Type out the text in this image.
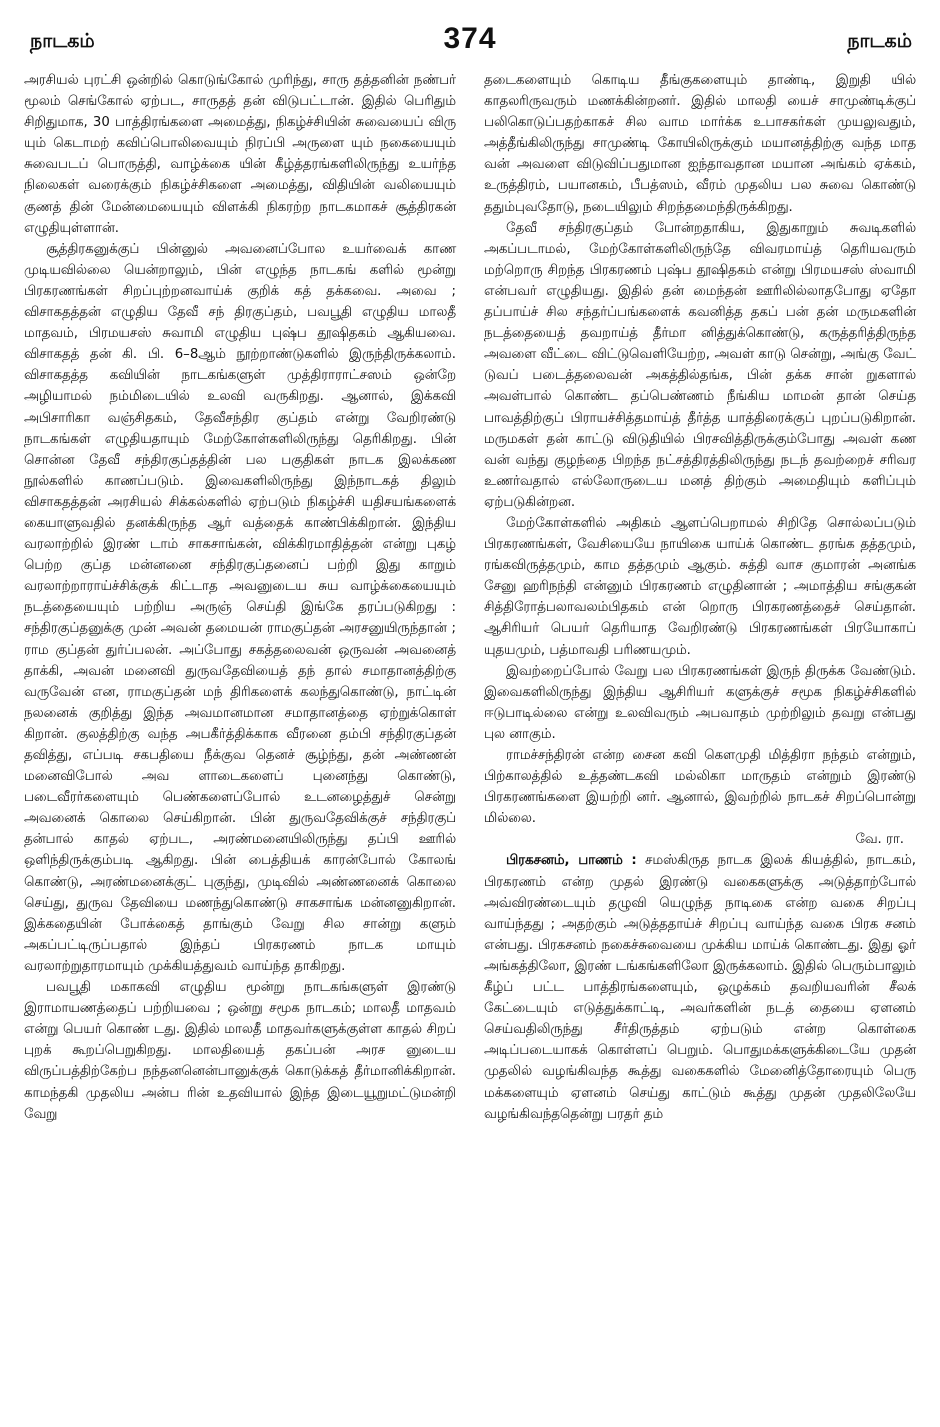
நாடகம்	374	நாடகம்

அரசியல் புரட்சி ஒன்றில் கொடுங்கோல் முரிந்து, சாரு தத்தனின் நண்பர் மூலம் செங்கோல் ஏற்பட, சாருதத் தன் விடுபட்டான். இதில் பெரிதும் சிறிதுமாக, 30 பாத்திரங்களை அமைத்து, நிகழ்ச்சியின் சுவையைப் விரு யும் கெடாமற் கவிப்பொலிவையும் நிரப்பி அருளை யும் நகையையும் சுவைபடப் பொருத்தி, வாழ்க்கை யின் கீழ்த்தரங்களிலிருந்து உயர்ந்த நிலைகள் வரைக்கும் நிகழ்ச்சிகளை அமைத்து, விதியின் வலியையும் குணத் தின் மேன்மையையும் விளக்கி நிகரற்ற நாடகமாகச் சூத்திரகன் எழுதியுள்ளான்.

சூத்திரகனுக்குப் பின்னுல் அவனைப்போல உயர்வைக் காண முடியவில்லை யென்றாலும், பின் எழுந்த நாடகங் களில் மூன்று பிரகரணங்கள் சிறப்புற்றனவாய்க் குறிக் கத் தக்கவை. அவை ; விசாகதத்தன் எழுதிய தேவீ சந் திரகுப்தம், பவபூதி எழுதிய மாலதீ மாதவம், பிரமயசஸ் சுவாமி எழுதிய புஷ்ப தூஷிதகம் ஆகியவை. விசாகதத் தன் கி. பி. 6–8ஆம் நூற்றாண்டுகளில் இருந்திருக்கலாம். விசாகதத்த கவியின் நாடகங்களுள் முத்திராராட்சஸம் ஒன்றே அழியாமல் நம்மிடையில் உலவி வருகிறது. ஆனால், இக்கவி அபிசாரிகா வஞ்சிதகம், தேவீசந்திர குப்தம் என்று வேறிரண்டு நாடகங்கள் எழுதியதாயும் மேற்கோள்களிலிருந்து தெரிகிறது. பின் சொன்ன தேவீ சந்திரகுப்தத்தின் பல பகுதிகள் நாடக இலக்கண நூல்களில் காணப்படும். இவைகளிலிருந்து இந்நாடகத் திலும் விசாகதத்தன் அரசியல் சிக்கல்களில் ஏற்படும் நிகழ்ச்சி யதிசயங்களைக் கையாளுவதில் தனக்கிருந்த ஆர் வத்தைக் காண்பிக்கிறான். இந்திய வரலாற்றில் இரண் டாம் சாகசாங்கன், விக்கிரமாதித்தன் என்று புகழ் பெற்ற குப்த மன்னனை சந்திரகுப்தனைப் பற்றி இது காறும் வரலாற்றாராய்ச்சிக்குக் கிட்டாத அவனுடைய சுய வாழ்க்கையையும் நடத்தையையும் பற்றிய அருஞ் செய்தி இங்கே தரப்படுகிறது : சந்திரகுப்தனுக்கு முன் அவன் தமையன் ராமகுப்தன் அரசனுயிருந்தான் ; ராம குப்தன் துர்ப்பலன். அப்போது சகத்தலைவன் ஒருவன் அவனைத் தாக்கி, அவன் மனைவி துருவதேவியைத் தந் தால் சமாதானத்திற்கு வருவேன் என, ராமகுப்தன் மந் திரிகளைக் கலந்துகொண்டு, நாட்டின் நலனைக் குறித்து இந்த அவமானமான சமாதானத்தை ஏற்றுக்கொள் கிறான். குலத்திற்கு வந்த அபகீர்த்திக்காக வீரனை தம்பி சந்திரகுப்தன் தவித்து, எப்படி சகபதியை நீக்குவ தெனச் சூழ்ந்து, தன் அண்ணன் மனைவிபோல் அவ ளாடைகளைப் புனைந்து கொண்டு, படைவீரர்களையும் பெண்களைப்போல் உடனழைத்துச் சென்று அவனைக் கொலை செய்கிறான். பின் துருவதேவிக்குச் சந்திரகுப் தன்பால் காதல் ஏற்பட, அரண்மனையிலிருந்து தப்பி ஊரில் ஒளிந்திருக்கும்படி ஆகிறது. பின் பைத்தியக் காரன்போல் கோலங் கொண்டு, அரண்மனைக்குட் புகுந்து, முடிவில் அண்ணனைக் கொலை செய்து, துருவ தேவியை மணந்துகொண்டு சாகசாங்க மன்னனுகிறான். இக்கதையின் போக்கைத் தாங்கும் வேறு சில சான்று களும் அகப்பட்டிருப்பதால் இந்தப் பிரகரணம் நாடக மாயும் வரலாற்றுதாரமாயும் முக்கியத்துவம் வாய்ந்த தாகிறது.

பவபூதி மகாகவி எழுதிய மூன்று நாடகங்களுள் இரண்டு இராமாயணத்தைப் பற்றியவை ; ஒன்று சமூக நாடகம்; மாலதீ மாதவம் என்று பெயர் கொண் டது. இதில் மாலதீ மாதவர்களுக்குள்ள காதல் சிறப் புறக் கூறப்பெறுகிறது. மாலதியைத் தகப்பன் அரச னுடைய விருப்பத்திற்கேற்ப நந்தனனென்பானுக்குக் கொடுக்கத் தீர்மானிக்கிறான். காமந்தகி முதலிய அன்ப ரின் உதவியால் இந்த இடையூறுமட்டுமன்றி வேறு

தடைகளையும் கொடிய தீங்குகளையும் தாண்டி, இறுதி யில் காதலரிருவரும் மணக்கின்றனர். இதில் மாலதி யைச் சாமுண்டிக்குப் பலிகொடுப்பதற்காகச் சில வாம மார்க்க உபாசகர்கள் முயலுவதும், அத்தீங்கிலிருந்து சாமுண்டி கோயிலிருக்கும் மயானத்திற்கு வந்த மாத வன் அவளை விடுவிப்பதுமான ஐந்தாவதான மயான அங்கம் ஏக்கம், உருத்திரம், பயானகம், பீபத்ஸம், வீரம் முதலிய பல சுவை கொண்டு ததும்புவதோடு, நடையிலும் சிறந்தமைந்திருக்கிறது.

தேவீ சந்திரகுப்தம் போன்றதாகிய, இதுகாறும் சுவடிகளில் அகப்படாமல், மேற்கோள்களிலிருந்தே விவரமாய்த் தெரியவரும் மற்றொரு சிறந்த பிரகரணம் புஷ்ப தூஷிதகம் என்று பிரமயசஸ் ஸ்வாமி என்பவர் எழுதியது. இதில் தன் மைந்தன் ஊரிலில்லாதபோது ஏதோ தப்பாய்ச் சில சந்தர்ப்பங்களைக் கவனித்த தகப் பன் தன் மருமகளின் நடத்தையைத் தவறாய்த் தீர்மா னித்துக்கொண்டு, கருத்தரித்திருந்த அவளை வீட்டை விட்டுவெளியேற்ற, அவள் காடு சென்று, அங்கு வேட் டுவப் படைத்தலைவன் அகத்தில்தங்க, பின் தக்க சான் றுகளால் அவள்பால் கொண்ட தப்பெண்ணம் நீங்கிய மாமன் தான் செய்த பாவத்திற்குப் பிராயச்சித்தமாய்த் தீர்த்த யாத்திரைக்குப் புறப்படுகிறான். மருமகள் தன் காட்டு விடுதியில் பிரசவித்திருக்கும்போது அவள் கண வன் வந்து குழந்தை பிறந்த நட்சத்திரத்திலிருந்து நடந் தவற்றைச் சரிவர உணர்வதால் எல்லோருடைய மனத் திற்கும் அமைதியும் களிப்பும் ஏற்படுகின்றன.

மேற்கோள்களில் அதிகம் ஆளப்பெறாமல் சிறிதே சொல்லப்படும் பிரகரணங்கள், வேசியையே நாயிகை யாய்க் கொண்ட தரங்க தத்தமும், ரங்கவிருத்தமும், காம தத்தமும் ஆகும். சுத்தி வாச குமாரன் அனங்க சேனு ஹரிநந்தி என்னும் பிரகரணம் எழுதினான் ; அமாத்திய சங்குகன் சித்திரோத்பலாவலம்பிதகம் என் றொரு பிரகரணத்தைச் செய்தான். ஆசிரியர் பெயர் தெரியாத வேறிரண்டு பிரகரணங்கள் பிரயோகாப் யுதயமும், பத்மாவதி பரிணயமும்.

இவற்றைப்போல் வேறு பல பிரகரணங்கள் இருந் திருக்க வேண்டும். இவைகளிலிருந்து இந்திய ஆசிரியர் களுக்குச் சமூக நிகழ்ச்சிகளில் ஈடுபாடில்லை என்று உலவிவரும் அபவாதம் முற்றிலும் தவறு என்பது புல னாகும்.

ராமச்சந்திரன் என்ற சைன கவி கௌமுதி மித்திரா நந்தம் என்றும், பிற்காலத்தில் உத்தண்டகவி மல்லிகா மாருதம் என்றும் இரண்டு பிரகரணங்களை இயற்றி னர். ஆனால், இவற்றில் நாடகச் சிறப்பொன்று மில்லை.

வே. ரா.

பிரகசனம், பாணம் : சமஸ்கிருத நாடக இலக் கியத்தில், நாடகம், பிரகரணம் என்ற முதல் இரண்டு வகைகளுக்கு அடுத்தாற்போல் அவ்விரண்டையும் தழுவி யெழுந்த நாடிகை என்ற வகை சிறப்பு வாய்ந்தது ; அதற்கும் அடுத்ததாய்ச் சிறப்பு வாய்ந்த வகை பிரக சனம் என்பது. பிரகசனம் நகைச்சுவையை முக்கிய மாய்க் கொண்டது. இது ஓர் அங்கத்திலோ, இரண் டங்கங்களிலோ இருக்கலாம். இதில் பெரும்பாலும் கீழ்ப் பட்ட பாத்திரங்களையும், ஒழுக்கம் தவறியவரின் சீலக் கேட்டையும் எடுத்துக்காட்டி, அவர்களின் நடத் தையை ஏளனம் செய்வதிலிருந்து சீர்திருத்தம் ஏற்படும் என்ற கொள்கை அடிப்படையாகக் கொள்ளப் பெறும். பொதுமக்களுக்கிடையே முதன் முதலில் வழங்கிவந்த கூத்து வகைகளில் மேனிைத்தோரையும் பெரு மக்களையும் ஏளனம் செய்து காட்டும் கூத்து முதன் முதலிலேயே வழங்கிவந்ததென்று பரதர் தம்
